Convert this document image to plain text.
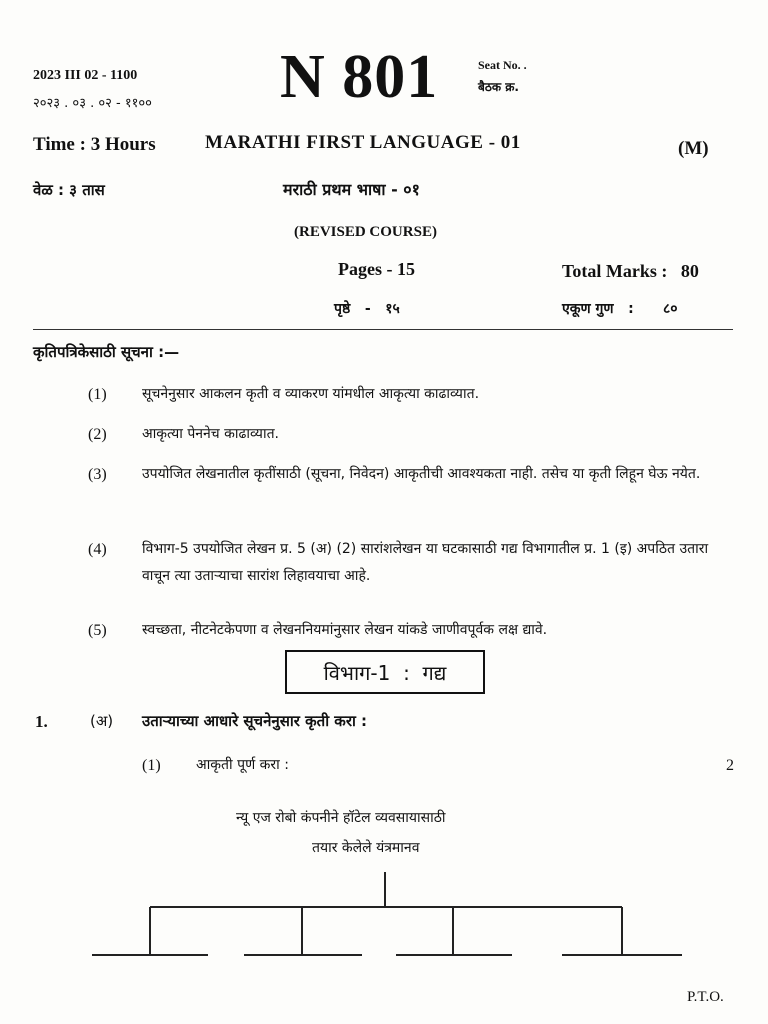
2023 III 02 - 1100
२०२३ . ०३ . ०२ - ११०० N 801	Seat No. .
बैठक क्र.
Time : 3 Hours	MARATHI FIRST LANGUAGE - 01	(M)
वेळ : ३ तास	मराठी प्रथम भाषा - ०१
(REVISED COURSE)
Pages - 15	Total Marks :   80
पृष्ठे   -   १५	एकूण गुण   :      ८०
कृतिपत्रिकेसाठी सूचना :—
(1)	सूचनेनुसार आकलन कृती व व्याकरण यांमधील आकृत्या काढाव्यात.
(2)	आकृत्या पेननेच काढाव्यात.
(3)	उपयोजित लेखनातील कृतींसाठी (सूचना, निवेदन) आकृतीची आवश्यकता नाही. तसेच या कृती लिहून घेऊ नयेत.
(4)	विभाग-5 उपयोजित लेखन प्र. 5 (अ) (2) सारांशलेखन या घटकासाठी गद्य विभागातील प्र. 1 (इ) अपठित उतारा वाचून त्या उताऱ्याचा सारांश लिहावयाचा आहे.
(5)	स्वच्छता, नीटनेटकेपणा व लेखननियमांनुसार लेखन यांकडे जाणीवपूर्वक लक्ष द्यावे.
विभाग-1  :  गद्य
1.	(अ) उताऱ्याच्या आधारे सूचनेनुसार कृती करा :
(1)	आकृती पूर्ण करा :	2
न्यू एज रोबो कंपनीने हॉटेल व्यवसायासाठी
तयार केलेले यंत्रमानव
P.T.O.
